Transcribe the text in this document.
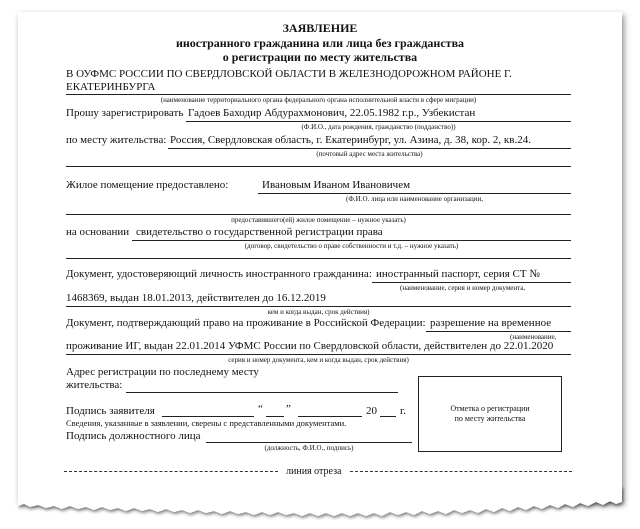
ЗАЯВЛЕНИЕ
иностранного гражданина или лица без гражданства
о регистрации по месту жительства
В ОУФМС РОССИИ ПО СВЕРДЛОВСКОЙ ОБЛАСТИ В ЖЕЛЕЗНОДОРОЖНОМ РАЙОНЕ Г.
ЕКАТЕРИНБУРГА
(наименование территориального органа федерального органа исполнительной власти в сфере миграции)
Прошу зарегистрировать Гадоев Баходир Абдурахмонович, 22.05.1982 г.р., Узбекистан
(Ф.И.О., дата рождения, гражданство (подданство))
по месту жительства: Россия, Свердловская область, г. Екатеринбург, ул. Азина, д. 38, кор. 2, кв.24.
(почтовый адрес места жительства)
Жилое помещение предоставлено:	Ивановым Иваном Ивановичем
(Ф.И.О. лица или наименование организации,
предоставившего(ей) жилое помещение – нужное указать)
на основании свидетельство о государственной регистрации права
(договор, свидетельство о праве собственности и т.д. – нужное указать)
Документ, удостоверяющий личность иностранного гражданина: иностранный паспорт, серия СТ №
(наименование, серия и номер документа,
1468369, выдан 18.01.2013, действителен до 16.12.2019
кем и когда выдан, срок действия)
Документ, подтверждающий право на проживание в Российской Федерации: разрешение на временное
(наименование,
проживание ИГ, выдан 22.01.2014 УФМС России по Свердловской области, действителен до 22.01.2020
серия и номер документа, кем и когда выдан, срок действия)
Адрес регистрации по последнему месту
жительства:
Отметка о регистрации
по месту жительства
Подпись заявителя	“ ”	20 г.
Сведения, указанные в заявлении, сверены с представленными документами.
Подпись должностного лица
(должность, Ф.И.О., подпись)
линия отреза
